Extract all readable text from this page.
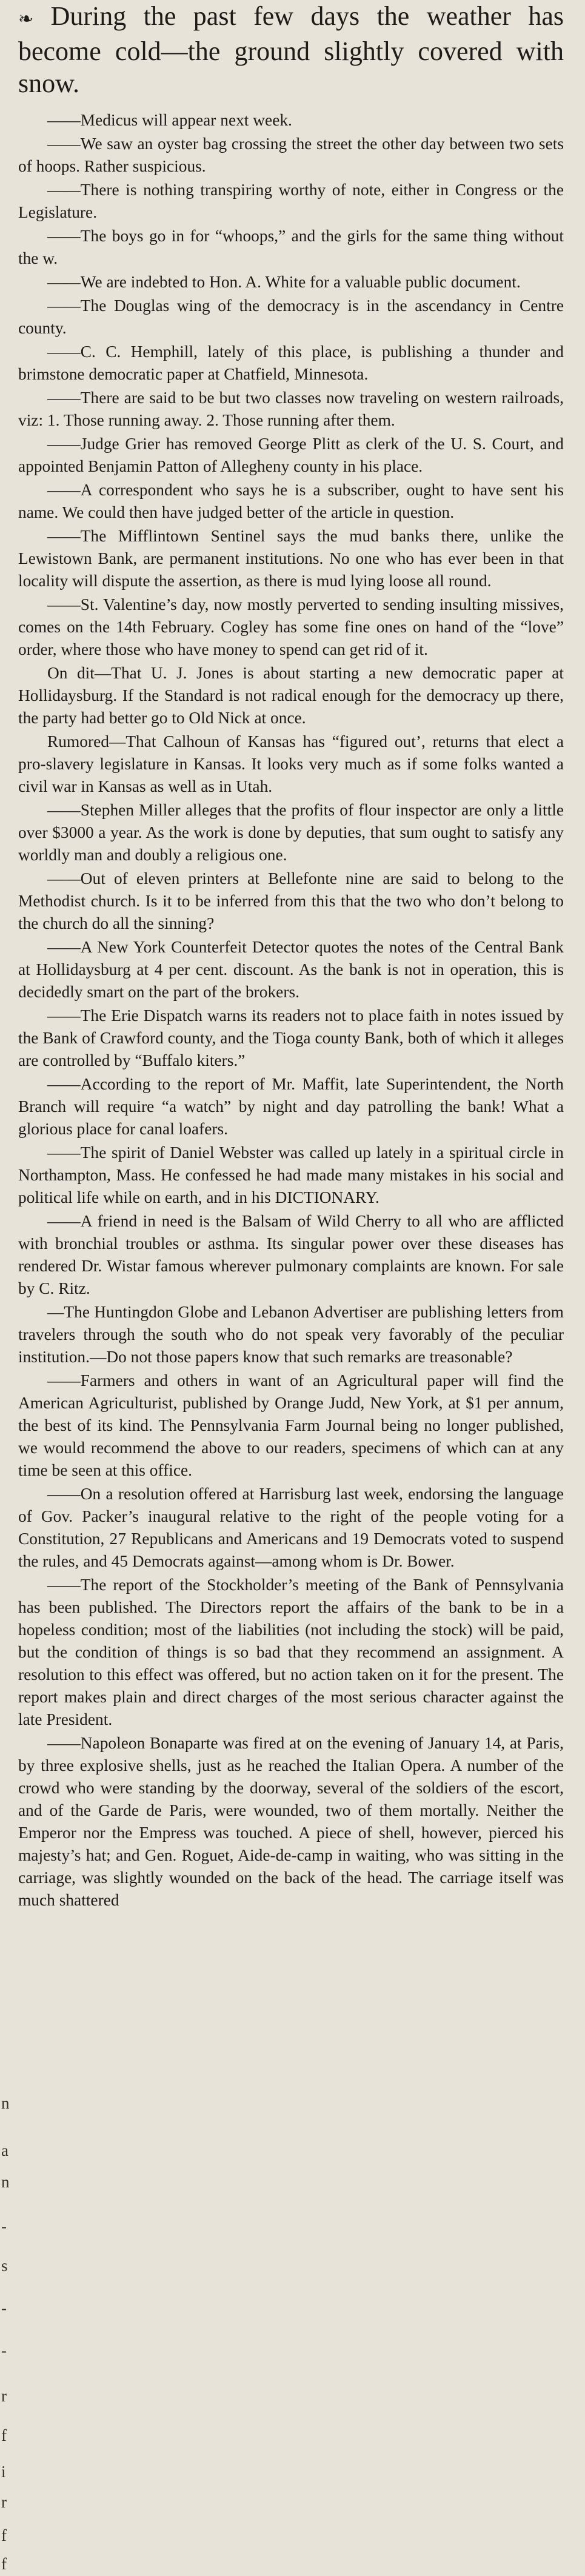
n
a
n
-
s
-
-
r
f
i
r
f
f

❧ During the past few days the weather has become cold—the ground slightly covered with snow.

——Medicus will appear next week.

——We saw an oyster bag crossing the street the other day between two sets of hoops. Rather suspicious.

——There is nothing transpiring worthy of note, either in Congress or the Legislature.

——The boys go in for “whoops,” and the girls for the same thing without the w.

——We are indebted to Hon. A. White for a valuable public document.

——The Douglas wing of the democracy is in the ascendancy in Centre county.

——C. C. Hemphill, lately of this place, is publishing a thunder and brimstone democratic paper at Chatfield, Minnesota.

——There are said to be but two classes now traveling on western railroads, viz: 1. Those running away. 2. Those running after them.

——Judge Grier has removed George Plitt as clerk of the U. S. Court, and appointed Benjamin Patton of Allegheny county in his place.

——A correspondent who says he is a subscriber, ought to have sent his name. We could then have judged better of the article in question.

——The Mifflintown Sentinel says the mud banks there, unlike the Lewistown Bank, are permanent institutions. No one who has ever been in that locality will dispute the assertion, as there is mud lying loose all round.

——St. Valentine’s day, now mostly perverted to sending insulting missives, comes on the 14th February. Cogley has some fine ones on hand of the “love” order, where those who have money to spend can get rid of it.

On dit—That U. J. Jones is about starting a new democratic paper at Hollidaysburg. If the Standard is not radical enough for the democracy up there, the party had better go to Old Nick at once.

Rumored—That Calhoun of Kansas has “figured out’, returns that elect a pro-slavery legislature in Kansas. It looks very much as if some folks wanted a civil war in Kansas as well as in Utah.

——Stephen Miller alleges that the profits of flour inspector are only a little over $3000 a year. As the work is done by deputies, that sum ought to satisfy any worldly man and doubly a religious one.

——Out of eleven printers at Bellefonte nine are said to belong to the Methodist church. Is it to be inferred from this that the two who don’t belong to the church do all the sinning?

——A New York Counterfeit Detector quotes the notes of the Central Bank at Hollidaysburg at 4 per cent. discount. As the bank is not in operation, this is decidedly smart on the part of the brokers.

——The Erie Dispatch warns its readers not to place faith in notes issued by the Bank of Crawford county, and the Tioga county Bank, both of which it alleges are controlled by “Buffalo kiters.”

——According to the report of Mr. Maffit, late Superintendent, the North Branch will require “a watch” by night and day patrolling the bank! What a glorious place for canal loafers.

——The spirit of Daniel Webster was called up lately in a spiritual circle in Northampton, Mass. He confessed he had made many mistakes in his social and political life while on earth, and in his DICTIONARY.

——A friend in need is the Balsam of Wild Cherry to all who are afflicted with bronchial troubles or asthma. Its singular power over these diseases has rendered Dr. Wistar famous wherever pulmonary complaints are known. For sale by C. Ritz.

—The Huntingdon Globe and Lebanon Advertiser are publishing letters from travelers through the south who do not speak very favorably of the peculiar institution.—Do not those papers know that such remarks are treasonable?

——Farmers and others in want of an Agricultural paper will find the American Agriculturist, published by Orange Judd, New York, at $1 per annum, the best of its kind. The Pennsylvania Farm Journal being no longer published, we would recommend the above to our readers, specimens of which can at any time be seen at this office.

——On a resolution offered at Harrisburg last week, endorsing the language of Gov. Packer’s inaugural relative to the right of the people voting for a Constitution, 27 Republicans and Americans and 19 Democrats voted to suspend the rules, and 45 Democrats against—among whom is Dr. Bower.

——The report of the Stockholder’s meeting of the Bank of Pennsylvania has been published. The Directors report the affairs of the bank to be in a hopeless condition; most of the liabilities (not including the stock) will be paid, but the condition of things is so bad that they recommend an assignment. A resolution to this effect was offered, but no action taken on it for the present. The report makes plain and direct charges of the most serious character against the late President.

——Napoleon Bonaparte was fired at on the evening of January 14, at Paris, by three explosive shells, just as he reached the Italian Opera. A number of the crowd who were standing by the doorway, several of the soldiers of the escort, and of the Garde de Paris, were wounded, two of them mortally. Neither the Emperor nor the Empress was touched. A piece of shell, however, pierced his majesty’s hat; and Gen. Roguet, Aide-de-camp in waiting, who was sitting in the carriage, was slightly wounded on the back of the head. The carriage itself was much shattered
